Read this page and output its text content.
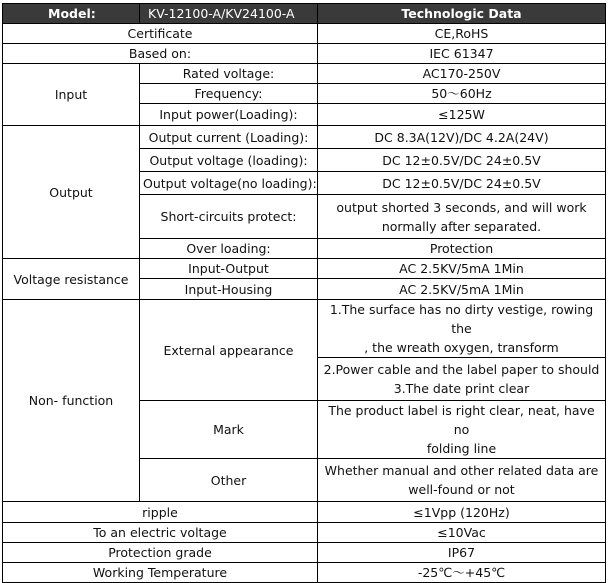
Model:	KV-12100-A/KV24100-A	Technologic Data
Certificate		CE,RoHS
Based on:		IEC 61347
Input	Rated voltage:	AC170-250V
	Frequency:	50～60Hz
	Input power(Loading):	≤125W
Output	Output current (Loading):	DC 8.3A(12V)/DC 4.2A(24V)
	Output voltage (loading):	DC 12±0.5V/DC 24±0.5V
	Output voltage(no loading):	DC 12±0.5V/DC 24±0.5V
	Short-circuits protect:	output shorted 3 seconds, and will work
normally after separated.

	Over loading:	Protection
Voltage resistance	Input-Output	AC 2.5KV/5mA 1Min
	Input-Housing	AC 2.5KV/5mA 1Min
Non- function	External appearance	1.The surface has no dirty vestige, rowing the
, the wreath oxygen, transform

		2.Power cable and the label paper to should
3.The date print clear

	Mark	The product label is right clear, neat, have no
folding line

	Other	Whether manual and other related data are
well-found or not

ripple		≤1Vpp (120Hz)
To an electric voltage		≤10Vac
Protection grade		IP67
Working Temperature		-25℃～+45℃
